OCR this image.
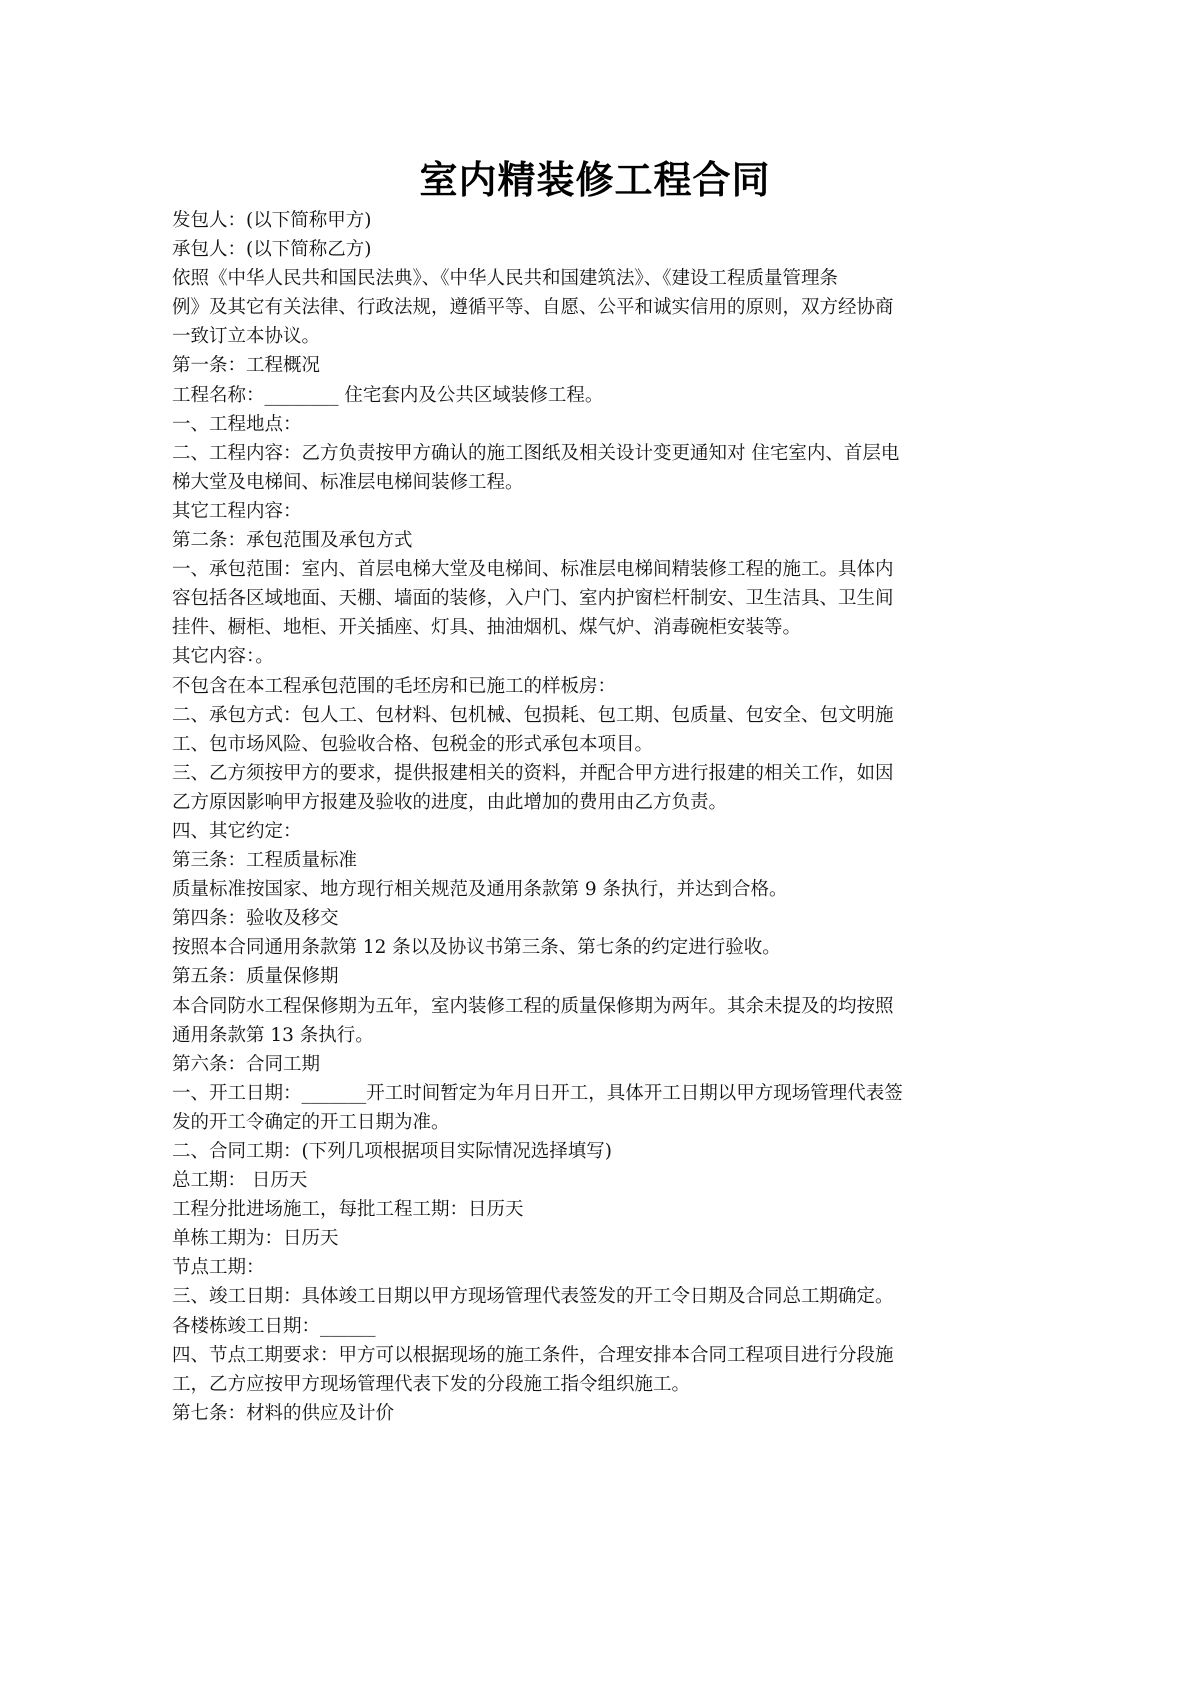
室内精装修工程合同
发包人：(以下简称甲方)
承包人：(以下简称乙方)
依照《中华人民共和国民法典》、《中华人民共和国建筑法》、《建设工程质量管理条
例》及其它有关法律、行政法规，遵循平等、自愿、公平和诚实信用的原则，双方经协商
一致订立本协议。
第一条：工程概况
工程名称：________ 住宅套内及公共区域装修工程。
一、工程地点：
二、工程内容：乙方负责按甲方确认的施工图纸及相关设计变更通知对 住宅室内、首层电
梯大堂及电梯间、标准层电梯间装修工程。
其它工程内容：
第二条：承包范围及承包方式
一、承包范围：室内、首层电梯大堂及电梯间、标准层电梯间精装修工程的施工。具体内
容包括各区域地面、天棚、墙面的装修，入户门、室内护窗栏杆制安、卫生洁具、卫生间
挂件、橱柜、地柜、开关插座、灯具、抽油烟机、煤气炉、消毒碗柜安装等。
其它内容：。
不包含在本工程承包范围的毛坯房和已施工的样板房：
二、承包方式：包人工、包材料、包机械、包损耗、包工期、包质量、包安全、包文明施
工、包市场风险、包验收合格、包税金的形式承包本项目。
三、乙方须按甲方的要求，提供报建相关的资料，并配合甲方进行报建的相关工作，如因
乙方原因影响甲方报建及验收的进度，由此增加的费用由乙方负责。
四、其它约定：
第三条：工程质量标准
质量标准按国家、地方现行相关规范及通用条款第 9 条执行，并达到合格。
第四条：验收及移交
按照本合同通用条款第 12 条以及协议书第三条、第七条的约定进行验收。
第五条：质量保修期
本合同防水工程保修期为五年，室内装修工程的质量保修期为两年。其余未提及的均按照
通用条款第 13 条执行。
第六条：合同工期
一、开工日期：_______开工时间暂定为年月日开工，具体开工日期以甲方现场管理代表签
发的开工令确定的开工日期为准。
二、合同工期：(下列几项根据项目实际情况选择填写)
总工期： 日历天
工程分批进场施工，每批工程工期：日历天
单栋工期为：日历天
节点工期：
三、竣工日期：具体竣工日期以甲方现场管理代表签发的开工令日期及合同总工期确定。
各楼栋竣工日期：______
四、节点工期要求：甲方可以根据现场的施工条件，合理安排本合同工程项目进行分段施
工，乙方应按甲方现场管理代表下发的分段施工指令组织施工。
第七条：材料的供应及计价
